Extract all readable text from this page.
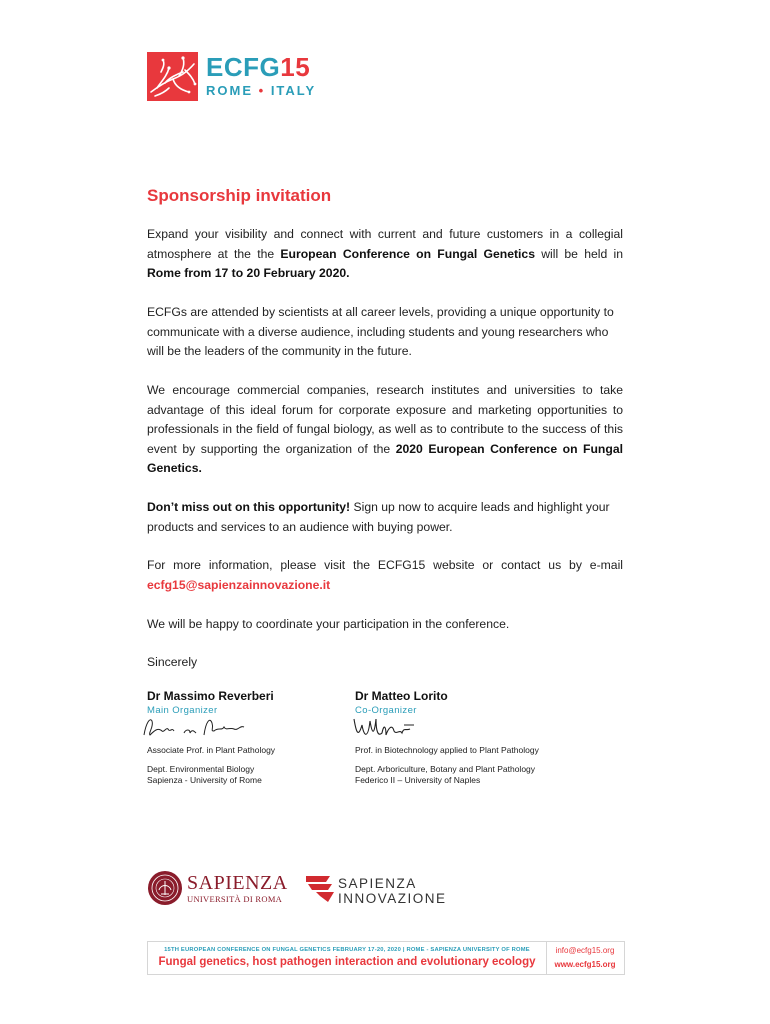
ECFG15
ROME • ITALY
Sponsorship invitation

Expand your visibility and connect with current and future customers in a collegial atmosphere at the the European Conference on Fungal Genetics will be held in Rome from 17 to 20 February 2020.

ECFGs are attended by scientists at all career levels, providing a unique opportunity to communicate with a diverse audience, including students and young researchers who will be the leaders of the community in the future.

We encourage commercial companies, research institutes and universities to take advantage of this ideal forum for corporate exposure and marketing opportunities to professionals in the field of fungal biology, as well as to contribute to the success of this event by supporting the organization of the 2020 European Conference on Fungal Genetics.

Don’t miss out on this opportunity! Sign up now to acquire leads and highlight your products and services to an audience with buying power.

For more information, please visit the ECFG15 website or contact us by e-mail

ecfg15@sapienzainnovazione.it

We will be happy to coordinate your participation in the conference.

Sincerely

Dr Massimo Reverberi
Main Organizer
Associate Prof. in Plant Pathology
Dept. Environmental Biology
Sapienza - University of Rome
Dr Matteo Lorito
Co-Organizer
Prof. in Biotechnology applied to Plant Pathology
Dept. Arboriculture, Botany and Plant Pathology
Federico II – University of Naples
SAPIENZA
UNIVERSITÀ DI ROMA
SAPIENZA
INNOVAZIONE
15TH EUROPEAN CONFERENCE ON FUNGAL GENETICS FEBRUARY 17-20, 2020 | ROME - SAPIENZA UNIVERSITY OF ROME
Fungal genetics, host pathogen interaction and evolutionary ecology
info@ecfg15.org
www.ecfg15.org
